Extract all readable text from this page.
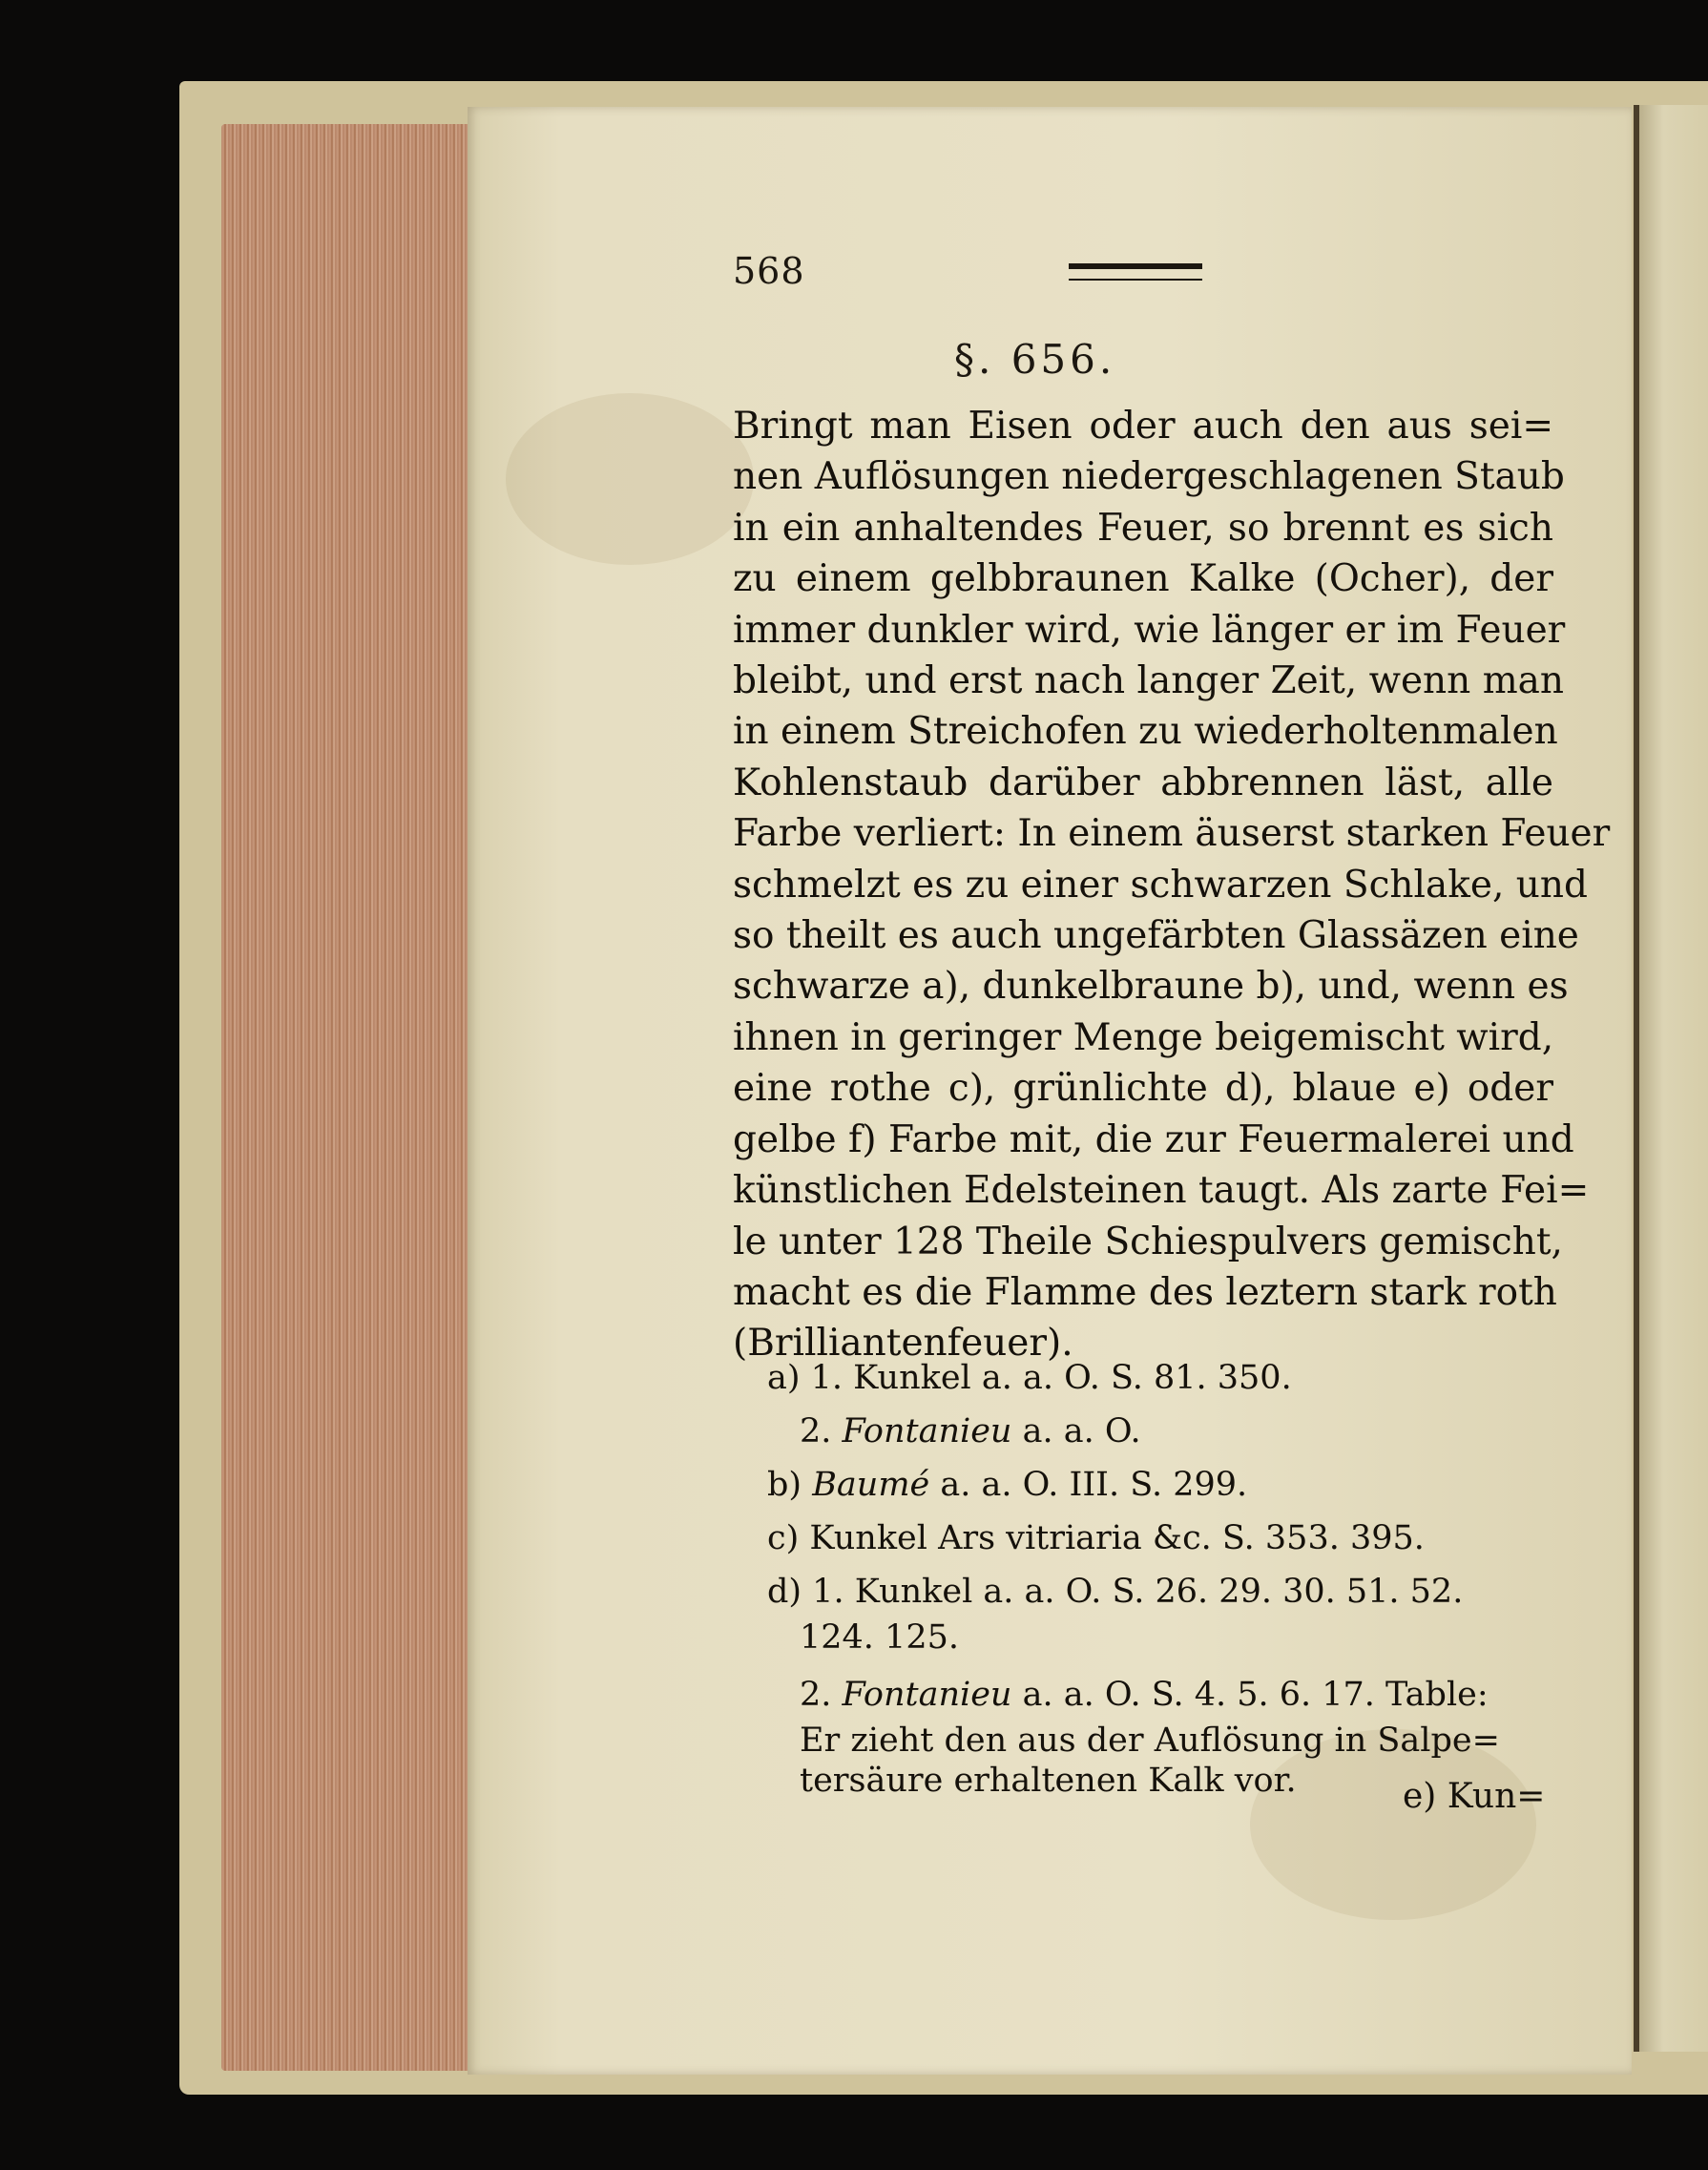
568
§. 656.
Bringt man Eisen oder auch den aus sei=
nen Auflösungen niedergeschlagenen Staub
in ein anhaltendes Feuer, so brennt es sich
zu einem gelbbraunen Kalke (Ocher), der
immer dunkler wird, wie länger er im Feuer
bleibt, und erst nach langer Zeit, wenn man
in einem Streichofen zu wiederholtenmalen
Kohlenstaub darüber abbrennen läst, alle
Farbe verliert: In einem äuserst starken Feuer
schmelzt es zu einer schwarzen Schlake, und
so theilt es auch ungefärbten Glassäzen eine
schwarze a), dunkelbraune b), und, wenn es
ihnen in geringer Menge beigemischt wird,
eine rothe c), grünlichte d), blaue e) oder
gelbe f) Farbe mit, die zur Feuermalerei und
künstlichen Edelsteinen taugt. Als zarte Fei=
le unter 128 Theile Schiespulvers gemischt,
macht es die Flamme des leztern stark roth
(Brilliantenfeuer).
a) 1. Kunkel a. a. O. S. 81. 350.
2. Fontanieu a. a. O.
b) Baumé a. a. O. III. S. 299.
c) Kunkel Ars vitriaria &c. S. 353. 395.
d) 1. Kunkel a. a. O. S. 26. 29. 30. 51. 52.
124. 125.
2. Fontanieu a. a. O. S. 4. 5. 6. 17. Table:
Er zieht den aus der Auflösung in Salpe=
tersäure erhaltenen Kalk vor.	e) Kun=
